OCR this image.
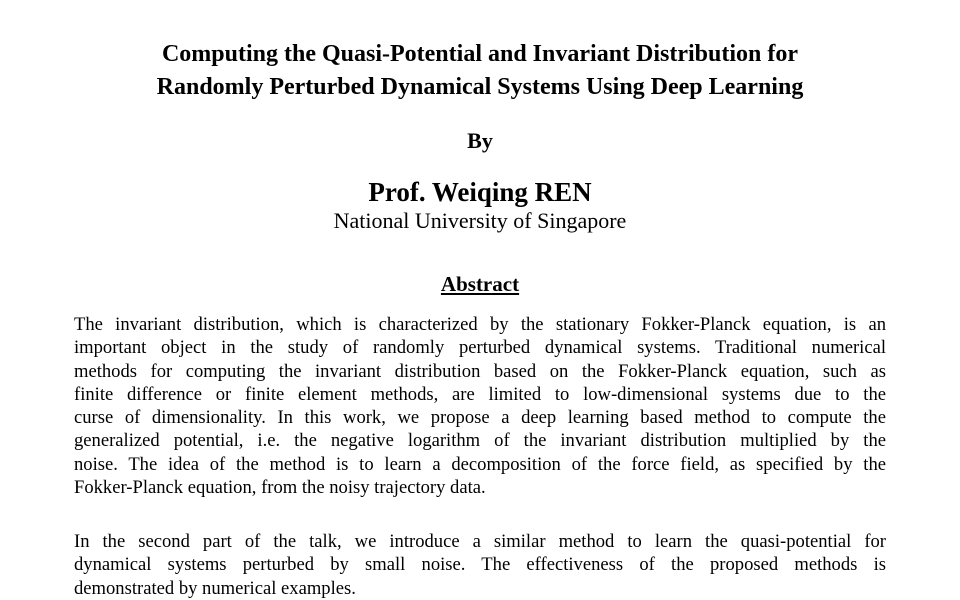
Computing the Quasi-Potential and Invariant Distribution for
Randomly Perturbed Dynamical Systems Using Deep Learning
By
Prof. Weiqing REN
National University of Singapore
Abstract
The invariant distribution, which is characterized by the stationary Fokker-Planck equation, is an
important object in the study of randomly perturbed dynamical systems. Traditional numerical
methods for computing the invariant distribution based on the Fokker-Planck equation, such as
finite difference or finite element methods, are limited to low-dimensional systems due to the
curse of dimensionality. In this work, we propose a deep learning based method to compute the
generalized potential, i.e. the negative logarithm of the invariant distribution multiplied by the
noise. The idea of the method is to learn a decomposition of the force field, as specified by the
Fokker-Planck equation, from the noisy trajectory data.
In the second part of the talk, we introduce a similar method to learn the quasi-potential for
dynamical systems perturbed by small noise. The effectiveness of the proposed methods is
demonstrated by numerical examples.
